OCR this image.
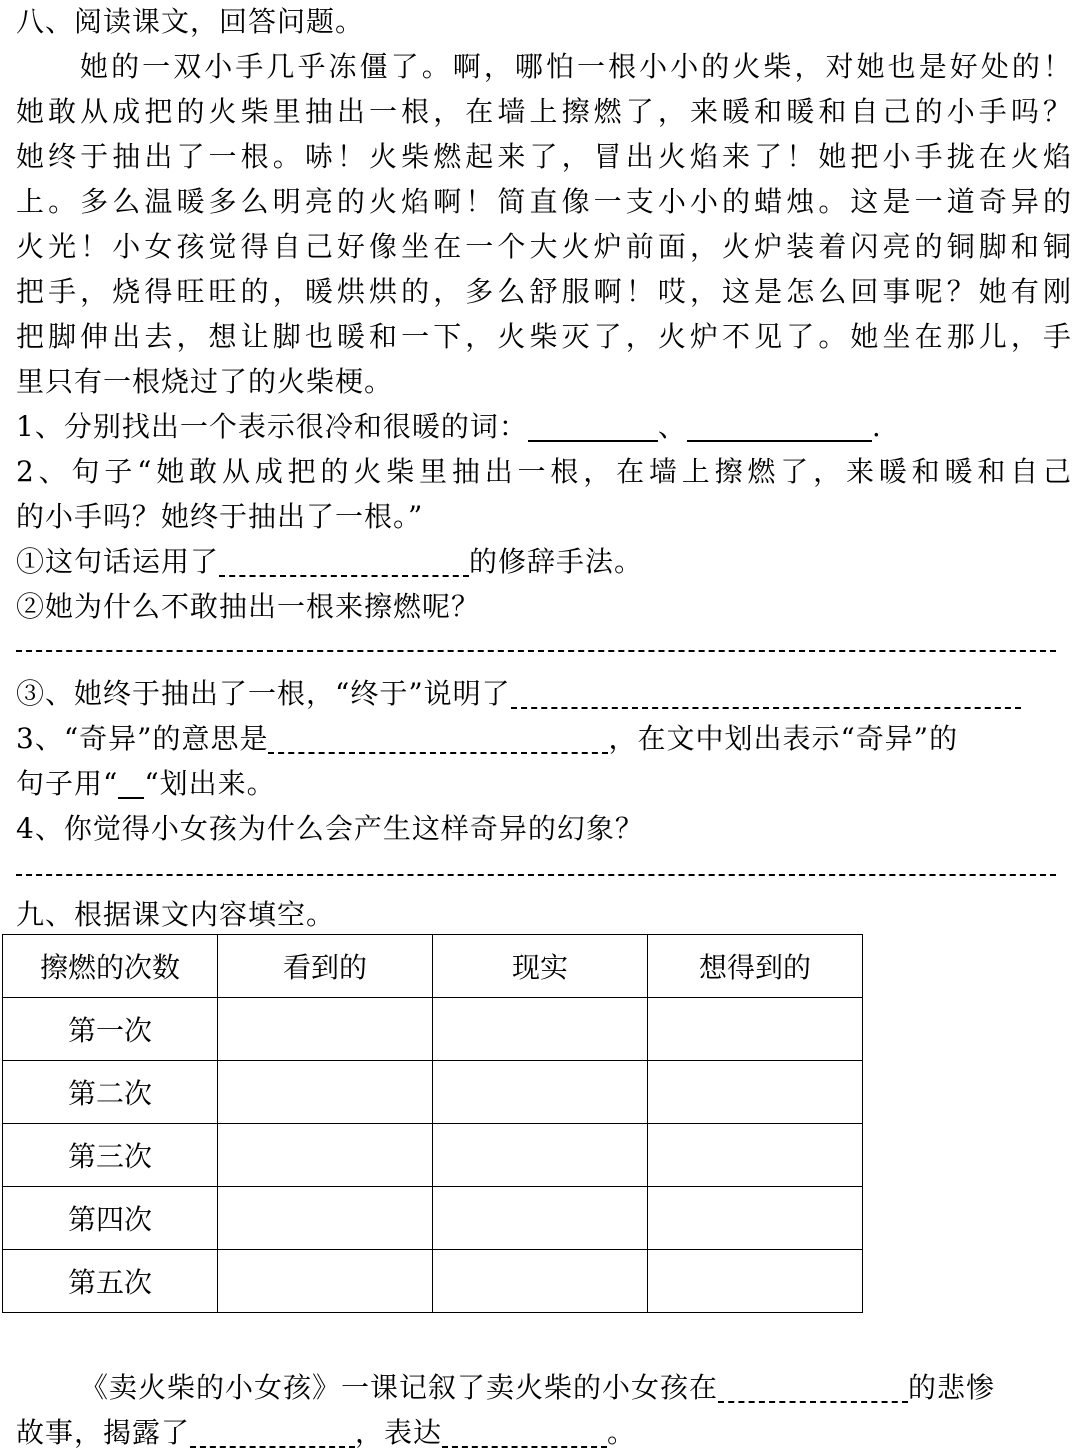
八、阅读课文，回答问题。
她的一双小手几乎冻僵了。啊，哪怕一根小小的火柴，对她也是好处的！
她敢从成把的火柴里抽出一根，在墙上擦燃了，来暖和暖和自己的小手吗？
她终于抽出了一根。哧！火柴燃起来了，冒出火焰来了！她把小手拢在火焰
上。多么温暖多么明亮的火焰啊！简直像一支小小的蜡烛。这是一道奇异的
火光！小女孩觉得自己好像坐在一个大火炉前面，火炉装着闪亮的铜脚和铜
把手，烧得旺旺的，暖烘烘的，多么舒服啊！哎，这是怎么回事呢？她有刚
把脚伸出去，想让脚也暖和一下，火柴灭了，火炉不见了。她坐在那儿，手
里只有一根烧过了的火柴梗。
1、分别找出一个表示很冷和很暖的词：	、	.
2、句子“她敢从成把的火柴里抽出一根，在墙上擦燃了，来暖和暖和自己
的小手吗？她终于抽出了一根。”
①这句话运用了	的修辞手法。
②她为什么不敢抽出一根来擦燃呢？
③、她终于抽出了一根，“终于”说明了
3、“奇异”的意思是	，在文中划出表示“奇异”的
句子用“ “划出来。
4、你觉得小女孩为什么会产生这样奇异的幻象？
九、根据课文内容填空。
擦燃的次数	看到的	现实	想得到的
第一次			
第二次			
第三次			
第四次			
第五次			
《卖火柴的小女孩》一课记叙了卖火柴的小女孩在	的悲惨
故事，揭露了	，表达	。
